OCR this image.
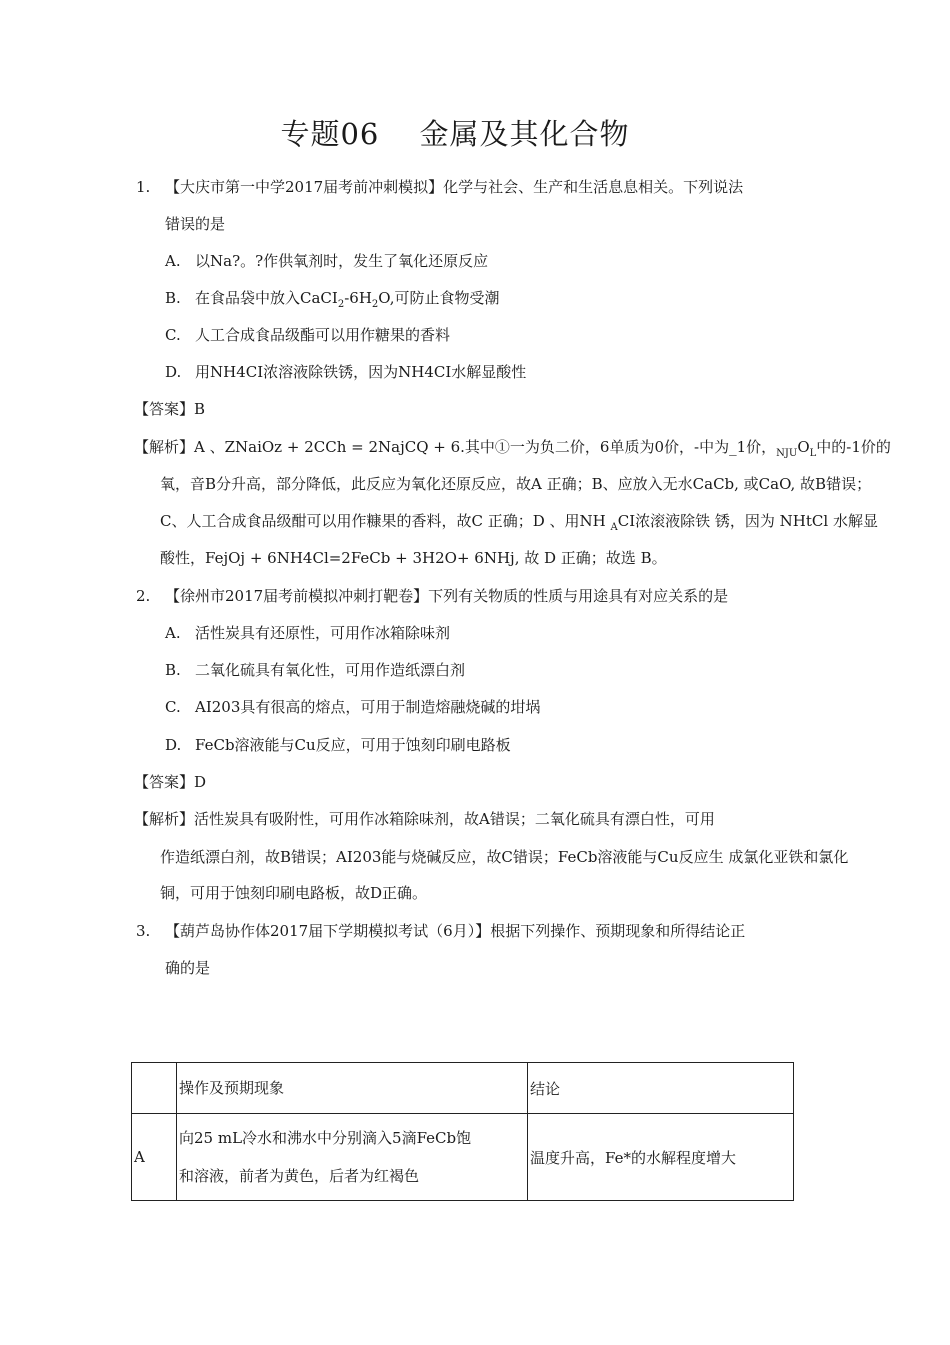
专题06　 金属及其化合物
1. 【大庆市第一中学2017届考前冲刺模拟】化学与社会、生产和生活息息相关。下列说法
错误的是
A. 以Na?。?作供氧剂时，发生了氧化还原反应
B. 在食品袋中放入$CaCI_2-6H_2O$,可防止食物受潮
C. 人工合成食品级酯可以用作糖果的香料
D. 用NH4CI浓溶液除铁锈，因为NH4CI水解显酸性
【答案】B
【解析】A 、ZNaiOz + 2CCh = 2NajCQ + 6.其中①一为负二价，6单质为0价，-中为_1价，$_{NJU}O_L$中的-1价的
氧，音B分升高，部分降低，此反应为氧化还原反应，故A 正确；B、应放入无水CaCb, 或CaO, 故B错误；
C、人工合成食品级酣可以用作糠果的香料，故C 正确；D 、用NH $_A$CI浓滚液除铁 锈，因为 NHtCl 水解显
酸性，FejOj + 6NH4Cl=2FeCb + 3H2O+ 6NHj, 故 D 正确；故选 B。
2. 【徐州市2017届考前模拟冲刺打靶卷】下列有关物质的性质与用途具有对应关系的是
A. 活性炭具有还原性，可用作冰箱除味剂
B. 二氧化硫具有氧化性，可用作造纸漂白剂
C. AI203具有很高的熔点，可用于制造熔融烧碱的坩埚
D. FeCb溶液能与Cu反应，可用于蚀刻印刷电路板
【答案】D
【解析】活性炭具有吸附性，可用作冰箱除味剂，故A错误；二氧化硫具有漂白性，可用
作造纸漂白剂，故B错误；AI203能与烧碱反应，故C错误；FeCb溶液能与Cu反应生 成氯化亚铁和氯化
铜，可用于蚀刻印刷电路板，故D正确。
3. 【葫芦岛协作体2017届下学期模拟考试（6月）】根据下列操作、预期现象和所得结论正
确的是
	操作及预期现象	结论
A	向25 mL冷水和沸水中分别滴入5滴FeCb饱
和溶液，前者为黄色，后者为红褐色	温度升高，Fe*的水解程度增大
